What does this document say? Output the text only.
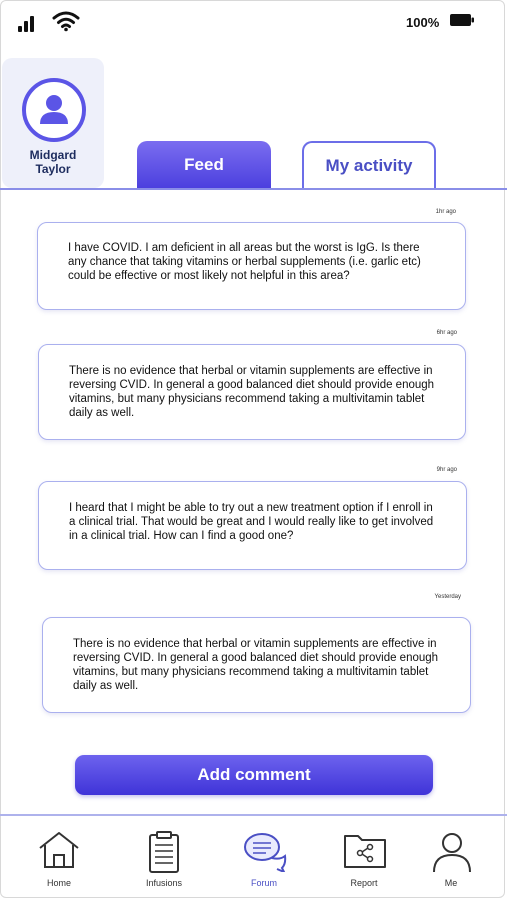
100%
Midgard
Taylor	Feed	My activity
1hr ago

I have COVID. I am deficient in all areas but the worst is IgG. Is there any chance that taking vitamins or herbal supplements (i.e. garlic etc) could be effective or most likely not helpful in this area?

6hr ago

There is no evidence that herbal or vitamin supplements are effective in reversing CVID. In general a good balanced diet should provide enough vitamins, but many physicians recommend taking a multivitamin tablet daily as well.

9hr ago

I heard that I might be able to try out a new treatment option if I enroll in a clinical trial. That would be great and I would really like to get involved in a clinical trial. How can I find a good one?

Yesterday

There is no evidence that herbal or vitamin supplements are effective in reversing CVID. In general a good balanced diet should provide enough vitamins, but many physicians recommend taking a multivitamin tablet daily as well.

Add comment
Home	Infusions	Forum	Report	Me
